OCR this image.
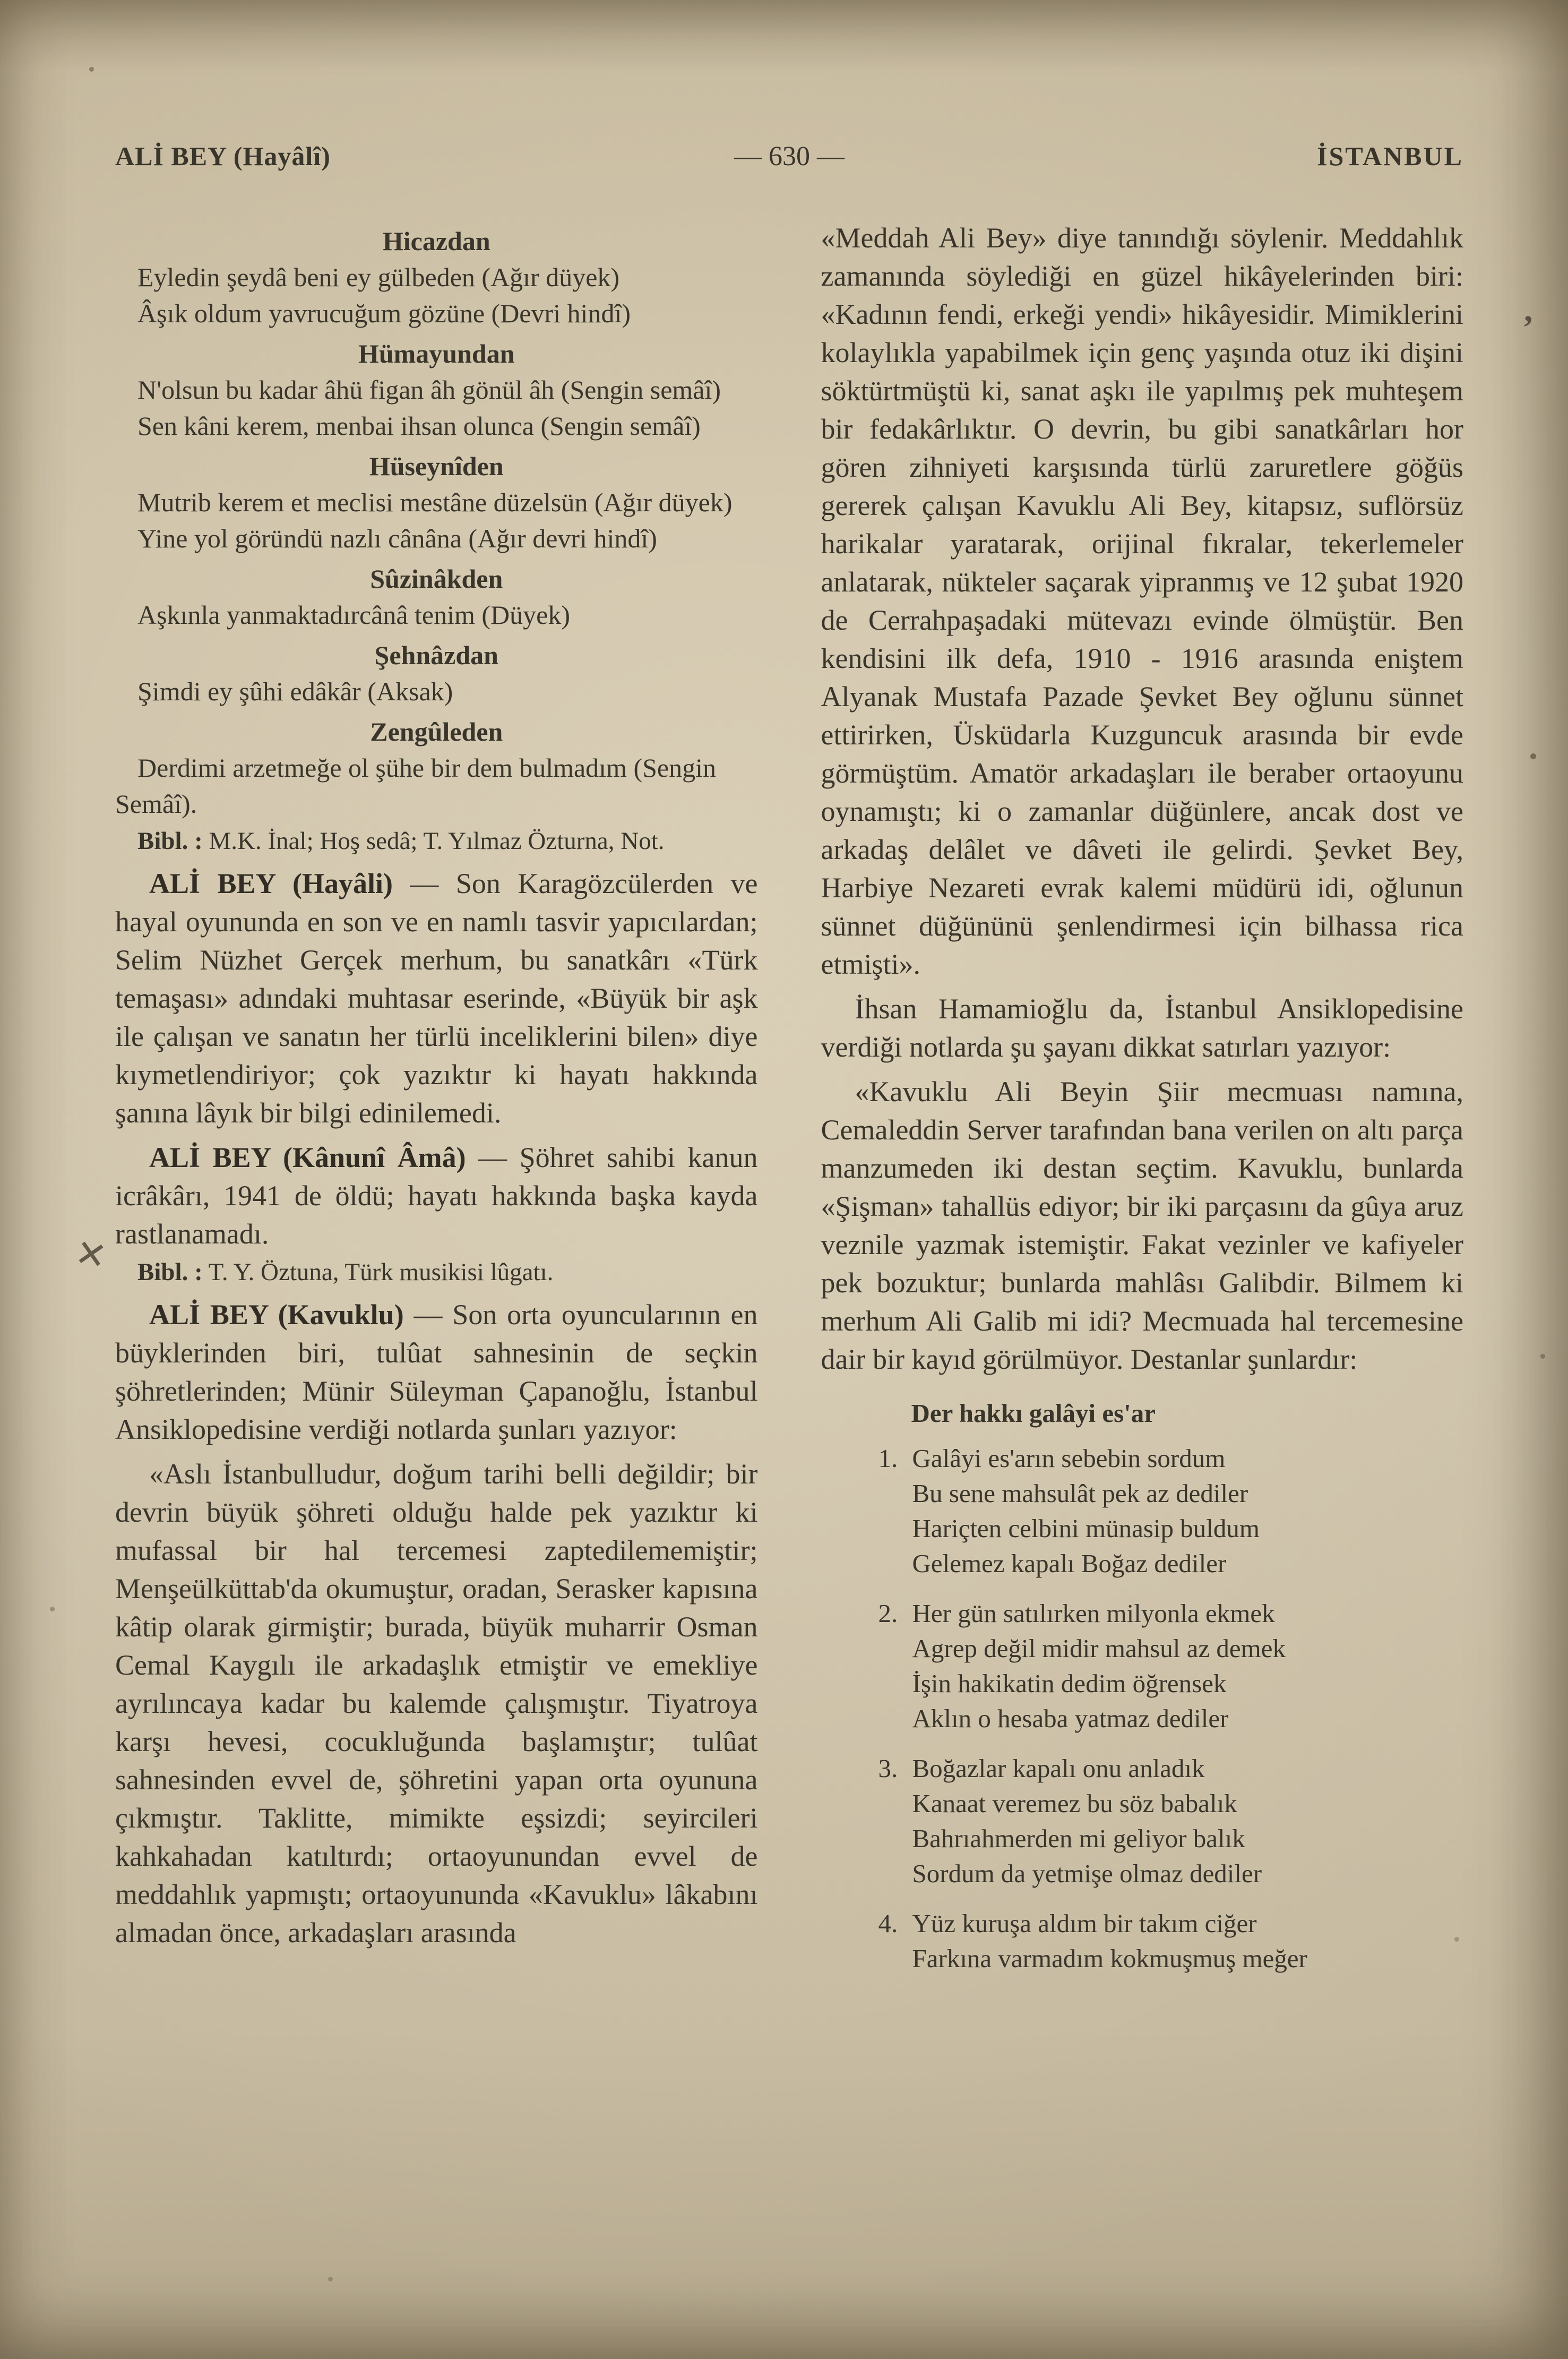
ALİ BEY (Hayâlî)	— 630 —	İSTANBUL
Hicazdan
Eyledin şeydâ beni ey gülbeden (Ağır düyek)
Âşık oldum yavrucuğum gözüne (Devri hindî)
Hümayundan
N'olsun bu kadar âhü figan âh gönül âh (Sengin semâî)
Sen kâni kerem, menbai ihsan olunca (Sengin semâî)
Hüseynîden
Mutrib kerem et meclisi mestâne düzelsün (Ağır düyek)
Yine yol göründü nazlı cânâna (Ağır devri hindî)
Sûzinâkden
Aşkınla yanmaktadırcânâ tenim (Düyek)
Şehnâzdan
Şimdi ey şûhi edâkâr (Aksak)
Zengûleden
Derdimi arzetmeğe ol şühe bir dem bulmadım (Sengin Semâî).

Bibl. : M.K. İnal; Hoş sedâ; T. Yılmaz Özturna, Not.

ALİ BEY (Hayâli) — Son Karagözcülerden ve hayal oyununda en son ve en namlı tasvir yapıcılardan; Selim Nüzhet Gerçek merhum, bu sanatkârı «Türk temaşası» adındaki muhtasar eserinde, «Büyük bir aşk ile çalışan ve sanatın her türlü inceliklerini bilen» diye kıymetlendiriyor; çok yazıktır ki hayatı hakkında şanına lâyık bir bilgi edinilemedi.

ALİ BEY (Kânunî Âmâ) — Şöhret sahibi kanun icrâkârı, 1941 de öldü; hayatı hakkında başka kayda rastlanamadı.

Bibl. : T. Y. Öztuna, Türk musikisi lûgatı.

ALİ BEY (Kavuklu) — Son orta oyuncularının en büyklerinden biri, tulûat sahnesinin de seçkin şöhretlerinden; Münir Süleyman Çapanoğlu, İstanbul Ansiklopedisine verdiği notlarda şunları yazıyor:

«Aslı İstanbulludur, doğum tarihi belli değildir; bir devrin büyük şöhreti olduğu halde pek yazıktır ki mufassal bir hal tercemesi zaptedilememiştir; Menşeülküttab'da okumuştur, oradan, Serasker kapısına kâtip olarak girmiştir; burada, büyük muharrir Osman Cemal Kaygılı ile arkadaşlık etmiştir ve emekliye ayrılıncaya kadar bu kalemde çalışmıştır. Tiyatroya karşı hevesi, cocukluğunda başlamıştır; tulûat sahnesinden evvel de, şöhretini yapan orta oyununa çıkmıştır. Taklitte, mimikte eşsizdi; seyircileri kahkahadan katıltırdı; ortaoyunundan evvel de meddahlık yapmıştı; ortaoyununda «Kavuklu» lâkabını almadan önce, arkadaşları arasında

«Meddah Ali Bey» diye tanındığı söylenir. Meddahlık zamanında söylediği en güzel hikâyelerinden biri: «Kadının fendi, erkeği yendi» hikâyesidir. Mimiklerini kolaylıkla yapabilmek için genç yaşında otuz iki dişini söktürtmüştü ki, sanat aşkı ile yapılmış pek muhteşem bir fedakârlıktır. O devrin, bu gibi sanatkârları hor gören zihniyeti karşısında türlü zaruretlere göğüs gererek çalışan Kavuklu Ali Bey, kitapsız, suflörsüz harikalar yaratarak, orijinal fıkralar, tekerlemeler anlatarak, nükteler saçarak yipranmış ve 12 şubat 1920 de Cerrahpaşadaki mütevazı evinde ölmüştür. Ben kendisini ilk defa, 1910 - 1916 arasında eniştem Alyanak Mustafa Pazade Şevket Bey oğlunu sünnet ettirirken, Üsküdarla Kuzguncuk arasında bir evde görmüştüm. Amatör arkadaşları ile beraber ortaoyunu oynamıştı; ki o zamanlar düğünlere, ancak dost ve arkadaş delâlet ve dâveti ile gelirdi. Şevket Bey, Harbiye Nezareti evrak kalemi müdürü idi, oğlunun sünnet düğününü şenlendirmesi için bilhassa rica etmişti».

İhsan Hamamioğlu da, İstanbul Ansiklopedisine verdiği notlarda şu şayanı dikkat satırları yazıyor:

«Kavuklu Ali Beyin Şiir mecmuası namına, Cemaleddin Server tarafından bana verilen on altı parça manzumeden iki destan seçtim. Kavuklu, bunlarda «Şişman» tahallüs ediyor; bir iki parçasını da gûya aruz veznile yazmak istemiştir. Fakat vezinler ve kafiyeler pek bozuktur; bunlarda mahlâsı Galibdir. Bilmem ki merhum Ali Galib mi idi? Mecmuada hal tercemesine dair bir kayıd görülmüyor. Destanlar şunlardır:

Der hakkı galâyi es'ar
1. Galâyi es'arın sebebin sordum
Bu sene mahsulât pek az dediler
Hariçten celbini münasip buldum
Gelemez kapalı Boğaz dediler
2. Her gün satılırken milyonla ekmek
Agrep değil midir mahsul az demek
İşin hakikatin dedim öğrensek
Aklın o hesaba yatmaz dediler
3. Boğazlar kapalı onu anladık
Kanaat veremez bu söz babalık
Bahrıahmerden mi geliyor balık
Sordum da yetmişe olmaz dediler
4. Yüz kuruşa aldım bir takım ciğer
Farkına varmadım kokmuşmuş meğer
✕
’
